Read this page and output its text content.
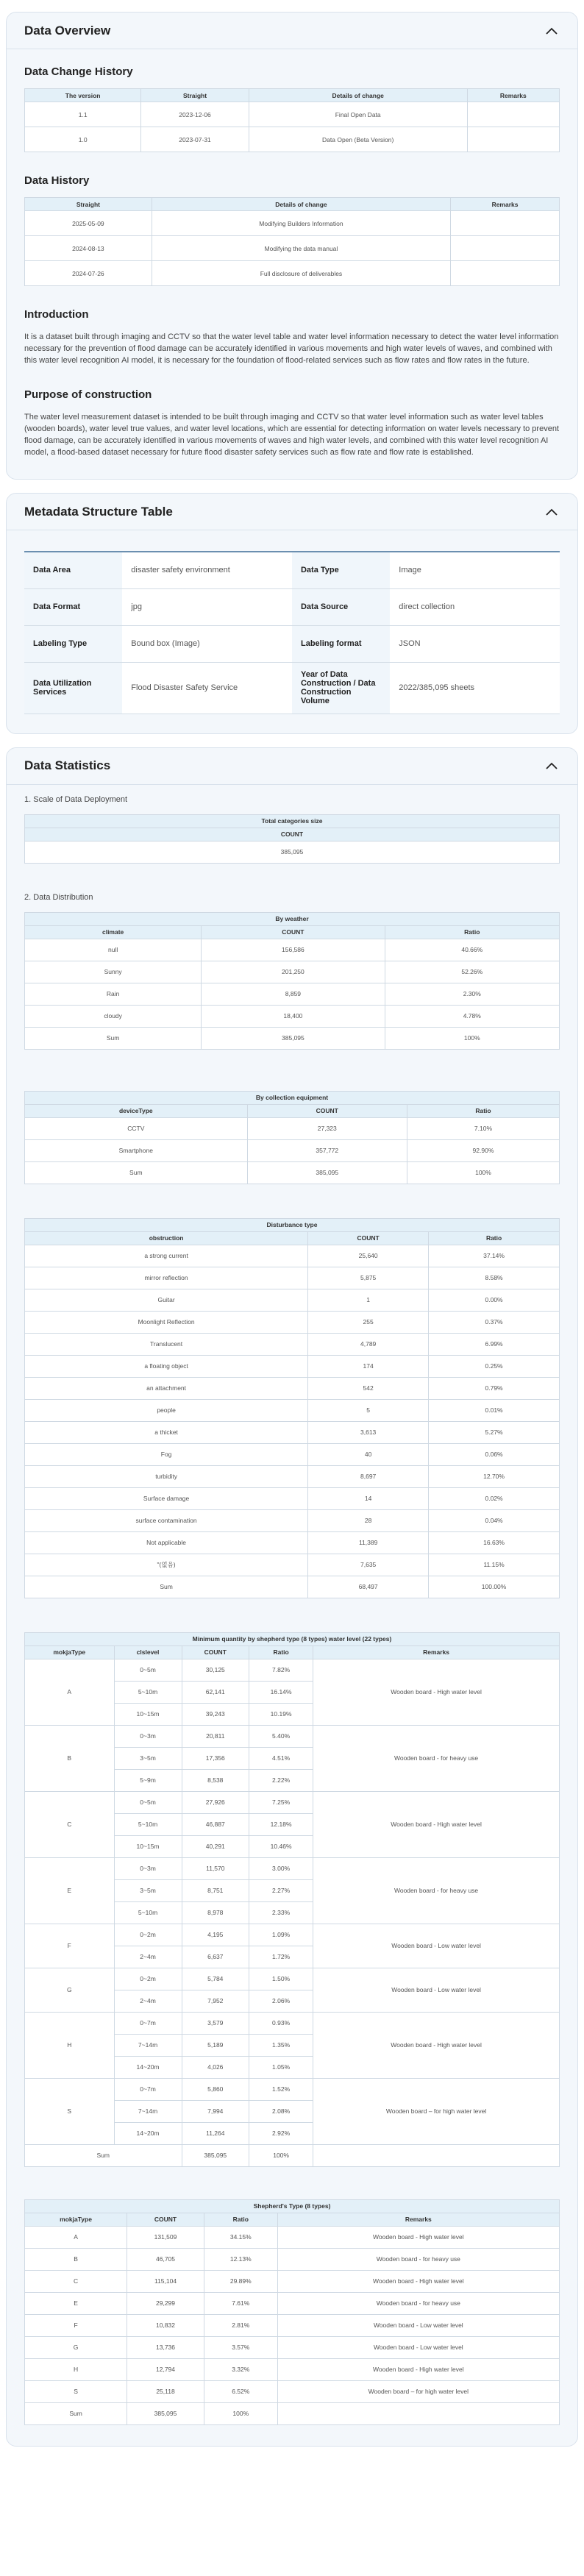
Data Overview
Data Change History
The version	Straight	Details of change	Remarks
1.1	2023-12-06	Final Open Data	
1.0	2023-07-31	Data Open (Beta Version)	
Data History
Straight	Details of change	Remarks
2025-05-09	Modifying Builders Information	
2024-08-13	Modifying the data manual	
2024-07-26	Full disclosure of deliverables	
Introduction

It is a dataset built through imaging and CCTV so that the water level table and water level information necessary to detect the water level information necessary for the prevention of flood damage can be accurately identified in various movements and high water levels of waves, and combined with this water level recognition AI model, it is necessary for the foundation of flood-related services such as flow rates and flow rates in the future.

Purpose of construction

The water level measurement dataset is intended to be built through imaging and CCTV so that water level information such as water level tables (wooden boards), water level true values, and water level locations, which are essential for detecting information on water levels necessary to prevent flood damage, can be accurately identified in various movements of waves and high water levels, and combined with this water level recognition AI model, a flood-based dataset necessary for future flood disaster safety services such as flow rate and flow rate is established.

Metadata Structure Table
Data Area	disaster safety environment	Data Type	Image
Data Format	jpg	Data Source	direct collection
Labeling Type	Bound box (Image)	Labeling format	JSON
Data Utilization Services	Flood Disaster Safety Service	Year of Data Construction / Data Construction Volume	2022/385,095 sheets
Data Statistics

1. Scale of Data Deployment

Total categories size
COUNT
385,095

2. Data Distribution

By weather		
climate	COUNT	Ratio
null	156,586	40.66%
Sunny	201,250	52.26%
Rain	8,859	2.30%
cloudy	18,400	4.78%
Sum	385,095	100%
By collection equipment		
deviceType	COUNT	Ratio
CCTV	27,323	7.10%
Smartphone	357,772	92.90%
Sum	385,095	100%
Disturbance type		
obstruction	COUNT	Ratio
a strong current	25,640	37.14%
mirror reflection	5,875	8.58%
Guitar	1	0.00%
Moonlight Reflection	255	0.37%
Translucent	4,789	6.99%
a floating object	174	0.25%
an attachment	542	0.79%
people	5	0.01%
a thicket	3,613	5.27%
Fog	40	0.06%
turbidity	8,697	12.70%
Surface damage	14	0.02%
surface contamination	28	0.04%
Not applicable	11,389	16.63%
"(없음)	7,635	11.15%
Sum	68,497	100.00%
Minimum quantity by shepherd type (8 types) water level (22 types)				
mokjaType	clslevel	COUNT	Ratio	Remarks
A	0~5m	30,125	7.82%	Wooden board - High water level
	5~10m	62,141	16.14%	
	10~15m	39,243	10.19%	
B	0~3m	20,811	5.40%	Wooden board - for heavy use
	3~5m	17,356	4.51%	
	5~9m	8,538	2.22%	
C	0~5m	27,926	7.25%	Wooden board - High water level
	5~10m	46,887	12.18%	
	10~15m	40,291	10.46%	
E	0~3m	11,570	3.00%	Wooden board - for heavy use
	3~5m	8,751	2.27%	
	5~10m	8,978	2.33%	
F	0~2m	4,195	1.09%	Wooden board - Low water level
	2~4m	6,637	1.72%	
G	0~2m	5,784	1.50%	Wooden board - Low water level
	2~4m	7,952	2.06%	
H	0~7m	3,579	0.93%	Wooden board - High water level
	7~14m	5,189	1.35%	
	14~20m	4,026	1.05%	
S	0~7m	5,860	1.52%	Wooden board – for high water level
	7~14m	7,994	2.08%	
	14~20m	11,264	2.92%	
Sum		385,095	100%	
Shepherd's Type (8 types)			
mokjaType	COUNT	Ratio	Remarks
A	131,509	34.15%	Wooden board - High water level
B	46,705	12.13%	Wooden board - for heavy use
C	115,104	29.89%	Wooden board - High water level
E	29,299	7.61%	Wooden board - for heavy use
F	10,832	2.81%	Wooden board - Low water level
G	13,736	3.57%	Wooden board - Low water level
H	12,794	3.32%	Wooden board - High water level
S	25,118	6.52%	Wooden board – for high water level
Sum	385,095	100%	
